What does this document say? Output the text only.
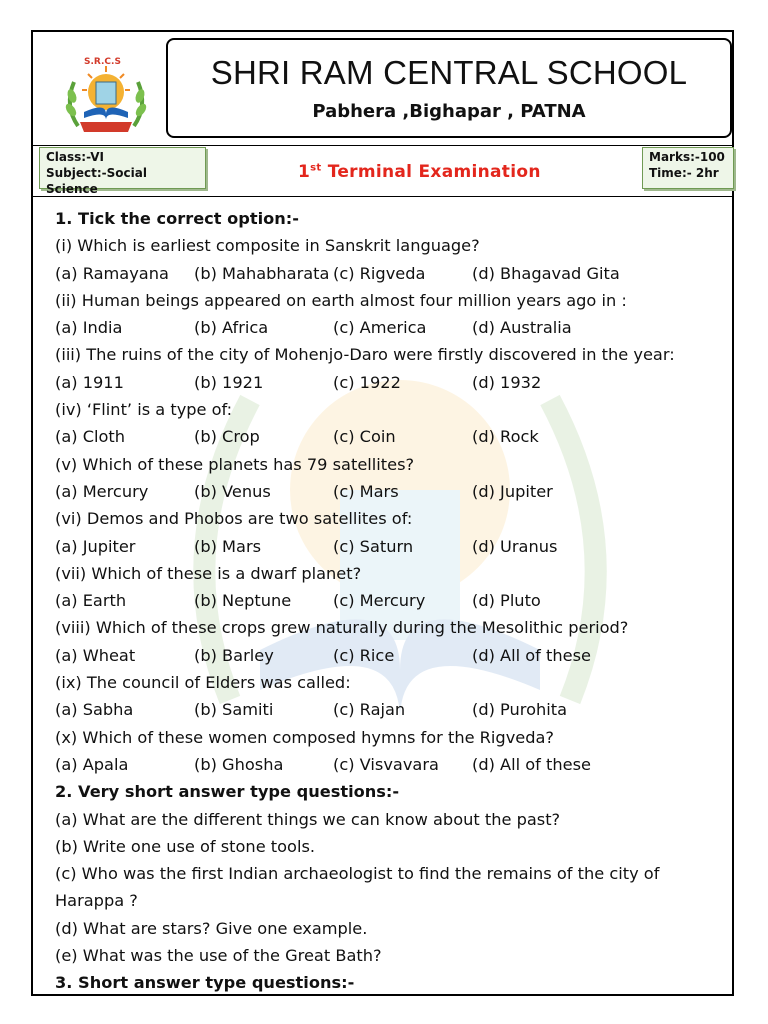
S.R.C.S	SHRI RAM CENTRAL SCHOOL
Pabhera ,Bighapar , PATNA
Class:-VI
Subject:-Social Science
1st Terminal Examination
Marks:-100
Time:- 2hr
1. Tick the correct option:-
(i) Which is earliest composite in Sanskrit language?
(a) Ramayana	(b) Mahabharata (c) Rigveda	(d) Bhagavad Gita
(ii) Human beings appeared on earth almost four million years ago in :
(a) India	(b) Africa	(c) America	(d) Australia
(iii) The ruins of the city of Mohenjo-Daro were firstly discovered in the year:
(a) 1911	(b) 1921	(c) 1922	(d) 1932
(iv) ‘Flint’ is a type of:
(a) Cloth	(b) Crop	(c) Coin	(d) Rock
(v) Which of these planets has 79 satellites?
(a) Mercury	(b) Venus	(c) Mars	(d) Jupiter
(vi) Demos and Phobos are two satellites of:
(a) Jupiter	(b) Mars	(c) Saturn	(d) Uranus
(vii) Which of these is a dwarf planet?
(a) Earth	(b) Neptune	(c) Mercury	(d) Pluto
(viii) Which of these crops grew naturally during the Mesolithic period?
(a) Wheat	(b) Barley	(c) Rice	(d) All of these
(ix) The council of Elders was called:
(a) Sabha	(b) Samiti	(c) Rajan	(d) Purohita
(x) Which of these women composed hymns for the Rigveda?
(a) Apala	(b) Ghosha	(c) Visvavara	(d) All of these
2. Very short answer type questions:-
(a) What are the different things we can know about the past?
(b) Write one use of stone tools.
(c) Who was the first Indian archaeologist to find the remains of the city of
Harappa ?
(d) What are stars? Give one example.
(e) What was the use of the Great Bath?
3. Short answer type questions:-
